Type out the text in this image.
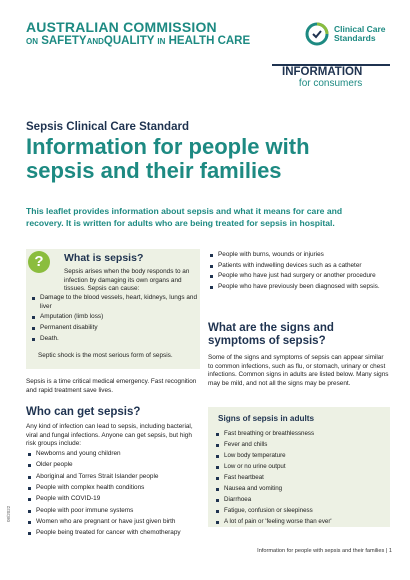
AUSTRALIAN COMMISSION
ON SAFETYANDQUALITY IN HEALTH CARE
Clinical Care
Standards
INFORMATION
for consumers
Sepsis Clinical Care Standard
Information for people with sepsis and their families
This leaflet provides information about sepsis and what it means for care and recovery. It is written for adults who are being treated for sepsis in hospital.
?	What is sepsis?
Sepsis arises when the body responds to an infection by damaging its own organs and tissues. Sepsis can cause:
Damage to the blood vessels, heart, kidneys, lungs and liver
Amputation (limb loss)
Permanent disability
Death.
Septic shock is the most serious form of sepsis.
Sepsis is a time critical medical emergency. Fast recognition and rapid treatment save lives.
Who can get sepsis?
Any kind of infection can lead to sepsis, including bacterial, viral and fungal infections. Anyone can get sepsis, but high risk groups include:
Newborns and young children
Older people
Aboriginal and Torres Strait Islander people
People with complex health conditions
People with COVID-19
People with poor immune systems
Women who are pregnant or have just given birth
People being treated for cancer with chemotherapy
People with burns, wounds or injuries
Patients with indwelling devices such as a catheter
People who have just had surgery or another procedure
People who have previously been diagnosed with sepsis.
What are the signs and symptoms of sepsis?
Some of the signs and symptoms of sepsis can appear similar to common infections, such as flu, or stomach, urinary or chest infections. Common signs in adults are listed below. Many signs may be mild, and not all the signs may be present.
Signs of sepsis in adults
Fast breathing or breathlessness
Fever and chills
Low body temperature
Low or no urine output
Fast heartbeat
Nausea and vomiting
Diarrhoea
Fatigue, confusion or sleepiness
A lot of pain or 'feeling worse than ever'
08/2022
Information for people with sepsis and their families | 1
